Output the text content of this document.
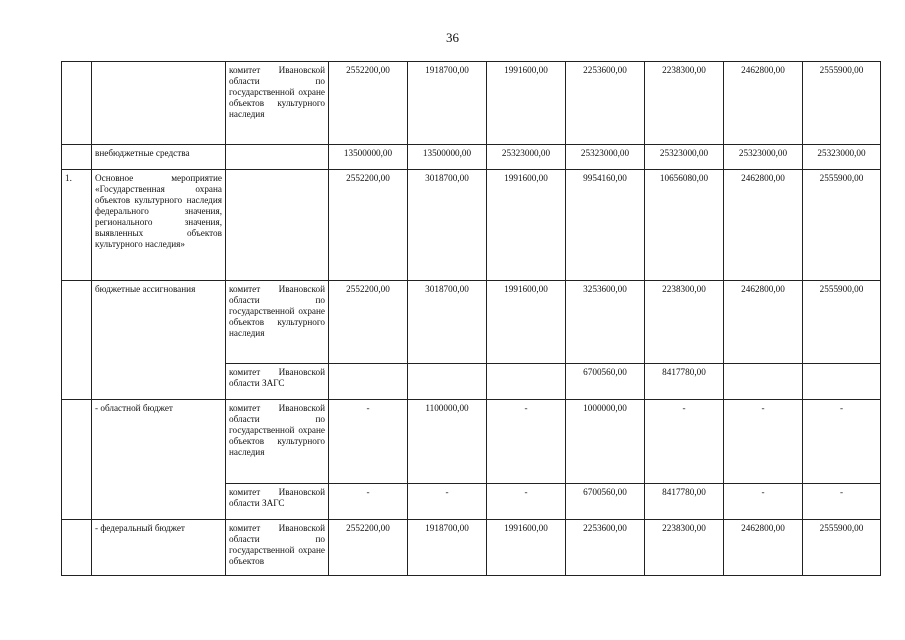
36
		комитет Ивановской области по государственной охране объектов культурного наследия	2552200,00	1918700,00	1991600,00	2253600,00	2238300,00	2462800,00	2555900,00
	внебюджетные средства		13500000,00	13500000,00	25323000,00	25323000,00	25323000,00	25323000,00	25323000,00
1.	Основное мероприятие «Государственная охрана объектов культурного наследия федерального значения, регионального значения, выявленных объектов культурного наследия»		2552200,00	3018700,00	1991600,00	9954160,00	10656080,00	2462800,00	2555900,00
	бюджетные ассигнования	комитет Ивановской области по государственной охране объектов культурного наследия	2552200,00	3018700,00	1991600,00	3253600,00	2238300,00	2462800,00	2555900,00
		комитет Ивановской области ЗАГС				6700560,00	8417780,00		
	- областной бюджет	комитет Ивановской области по государственной охране объектов культурного наследия	-	1100000,00	-	1000000,00	-	-	-
		комитет Ивановской области ЗАГС	-	-	-	6700560,00	8417780,00	-	-
	- федеральный бюджет	комитет Ивановской области по государственной охране объектов	2552200,00	1918700,00	1991600,00	2253600,00	2238300,00	2462800,00	2555900,00
